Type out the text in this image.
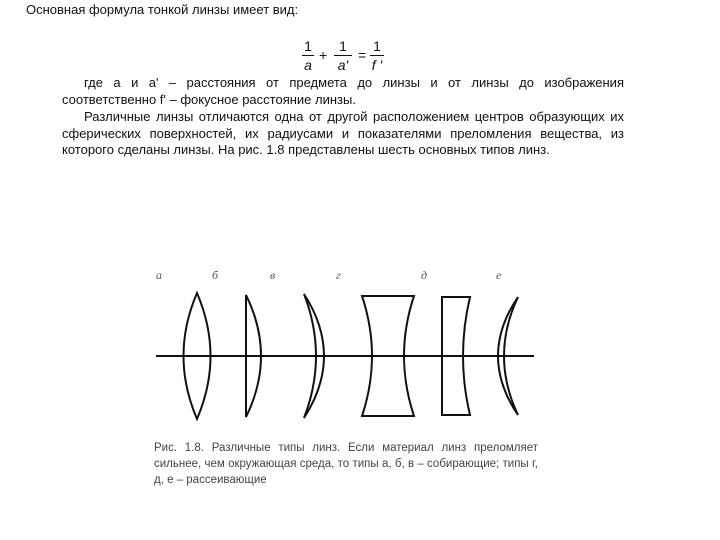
Основная формула тонкой линзы имеет вид:
1
a
+
1
a'
=
1
f '

где a и a' – расстояния от предмета до линзы и от линзы до изображения соответственно f' – фокусное расстояние линзы.

Различные линзы отличаются одна от другой расположением центров образующих их сферических поверхностей, их радиусами и показателями преломления вещества, из которого сделаны линзы. На рис. 1.8 представлены шесть основных типов линз.

а	б	в	г	д	е

Рис. 1.8. Различные типы линз. Если материал линз преломляет сильнее, чем окружающая среда, то типы а, б, в – собирающие; типы г, д, е – рассеивающие
